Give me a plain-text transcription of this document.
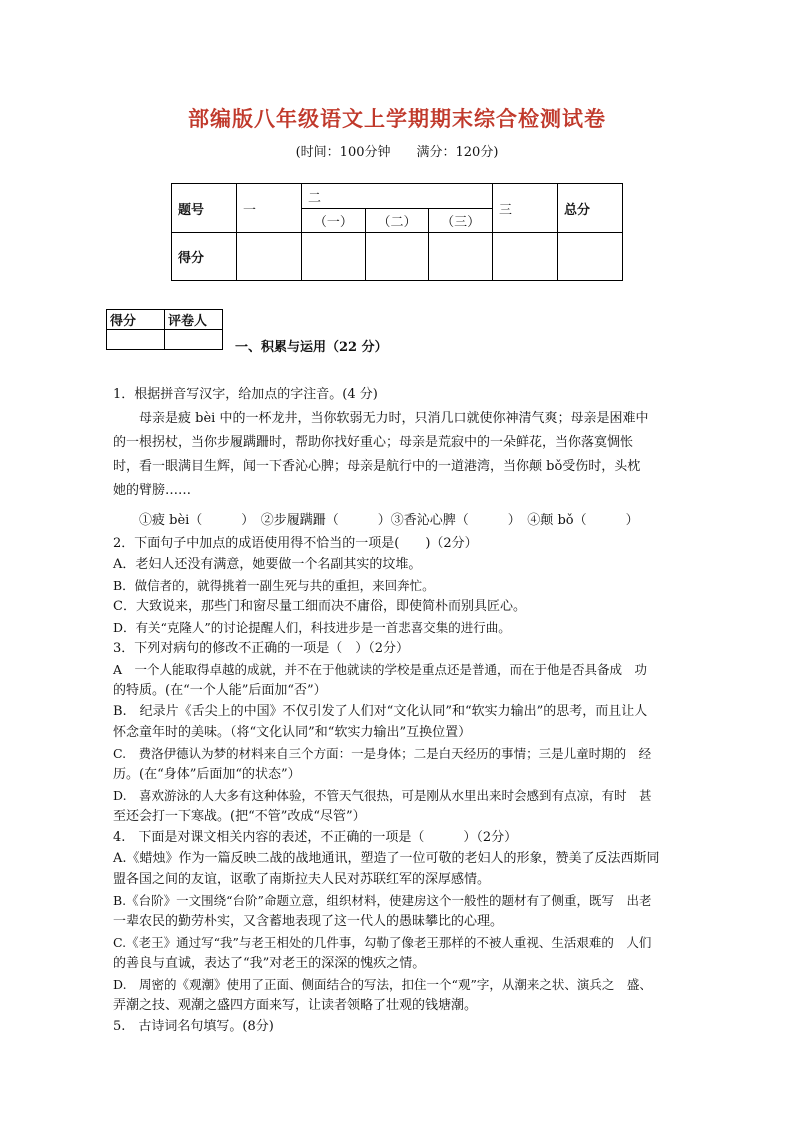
部编版八年级语文上学期期末综合检测试卷
(时间：100分钟 满分：120分)
题号	一	二			三	总分
		（一）	（二）	（三）		
得分						
得分	评卷人

一、积累与运用（22 分）

1．根据拼音写汉字，给加点的字注音。(4 分)

母亲是疲 bèi 中的一杯龙井，当你软弱无力时，只消几口就使你神清气爽；母亲是困难中

的一根拐杖，当你步履蹒跚时，帮助你找好重心；母亲是荒寂中的一朵鲜花，当你落寞惆怅

时，看一眼满目生辉，闻一下香沁心脾；母亲是航行中的一道港湾，当你颠 bǒ受伤时，头枕

她的臂膀……

①疲 bèi（　　　）　②步履蹒跚（　　　）③香沁心脾（　　　）　④颠 bǒ（　　　）

2．下面句子中加点的成语使用得不恰当的一项是(　　)（2分）

A．老妇人还没有满意，她要做一个名副其实的坟堆。

B．做信者的，就得挑着一副生死与共的重担，来回奔忙。

C．大致说来，那些门和窗尽量工细而决不庸俗，即使简朴而别具匠心。

D．有关“克隆人”的讨论提醒人们，科技进步是一首悲喜交集的进行曲。

3．下列对病句的修改不正确的一项是（　）（2分）

A　一个人能取得卓越的成就，并不在于他就读的学校是重点还是普通，而在于他是否具备成　功

的特质。(在“一个人能”后面加“否”）

B.　纪录片《舌尖上的中国》不仅引发了人们对“文化认同”和“软实力输出”的思考，而且让人

怀念童年时的美味。（将“文化认同”和“软实力输出”互换位置）

C.　费洛伊德认为梦的材料来自三个方面：一是身体；二是白天经历的事情；三是儿童时期的　经

历。(在“身体”后面加“的状态”）

D.　喜欢游泳的人大多有这种体验，不管天气很热，可是刚从水里出来时会感到有点凉，有时　甚

至还会打一下寒战。(把“不管”改成“尽管”）

4.　下面是对课文相关内容的表述，不正确的一项是（　　　）（2分）

A.《蜡烛》作为一篇反映二战的战地通讯，塑造了一位可敬的老妇人的形象，赞美了反法西斯同

盟各国之间的友谊，讴歌了南斯拉夫人民对苏联红军的深厚感情。

B.《台阶》一文围绕“台阶”命题立意，组织材料，使建房这个一般性的题材有了侧重，既写　出老

一辈农民的勤劳朴实，又含蓄地表现了这一代人的愚昧攀比的心理。

C.《老王》通过写“我”与老王相处的几件事，勾勒了像老王那样的不被人重视、生活艰难的　人们

的善良与直诚，表达了“我”对老王的深深的愧疚之情。

D.　周密的《观潮》使用了正面、侧面结合的写法，扣住一个“观”字，从潮来之状、演兵之　盛、

弄潮之技、观潮之盛四方面来写，让读者领略了壮观的钱塘潮。

5.　古诗词名句填写。(8分)
